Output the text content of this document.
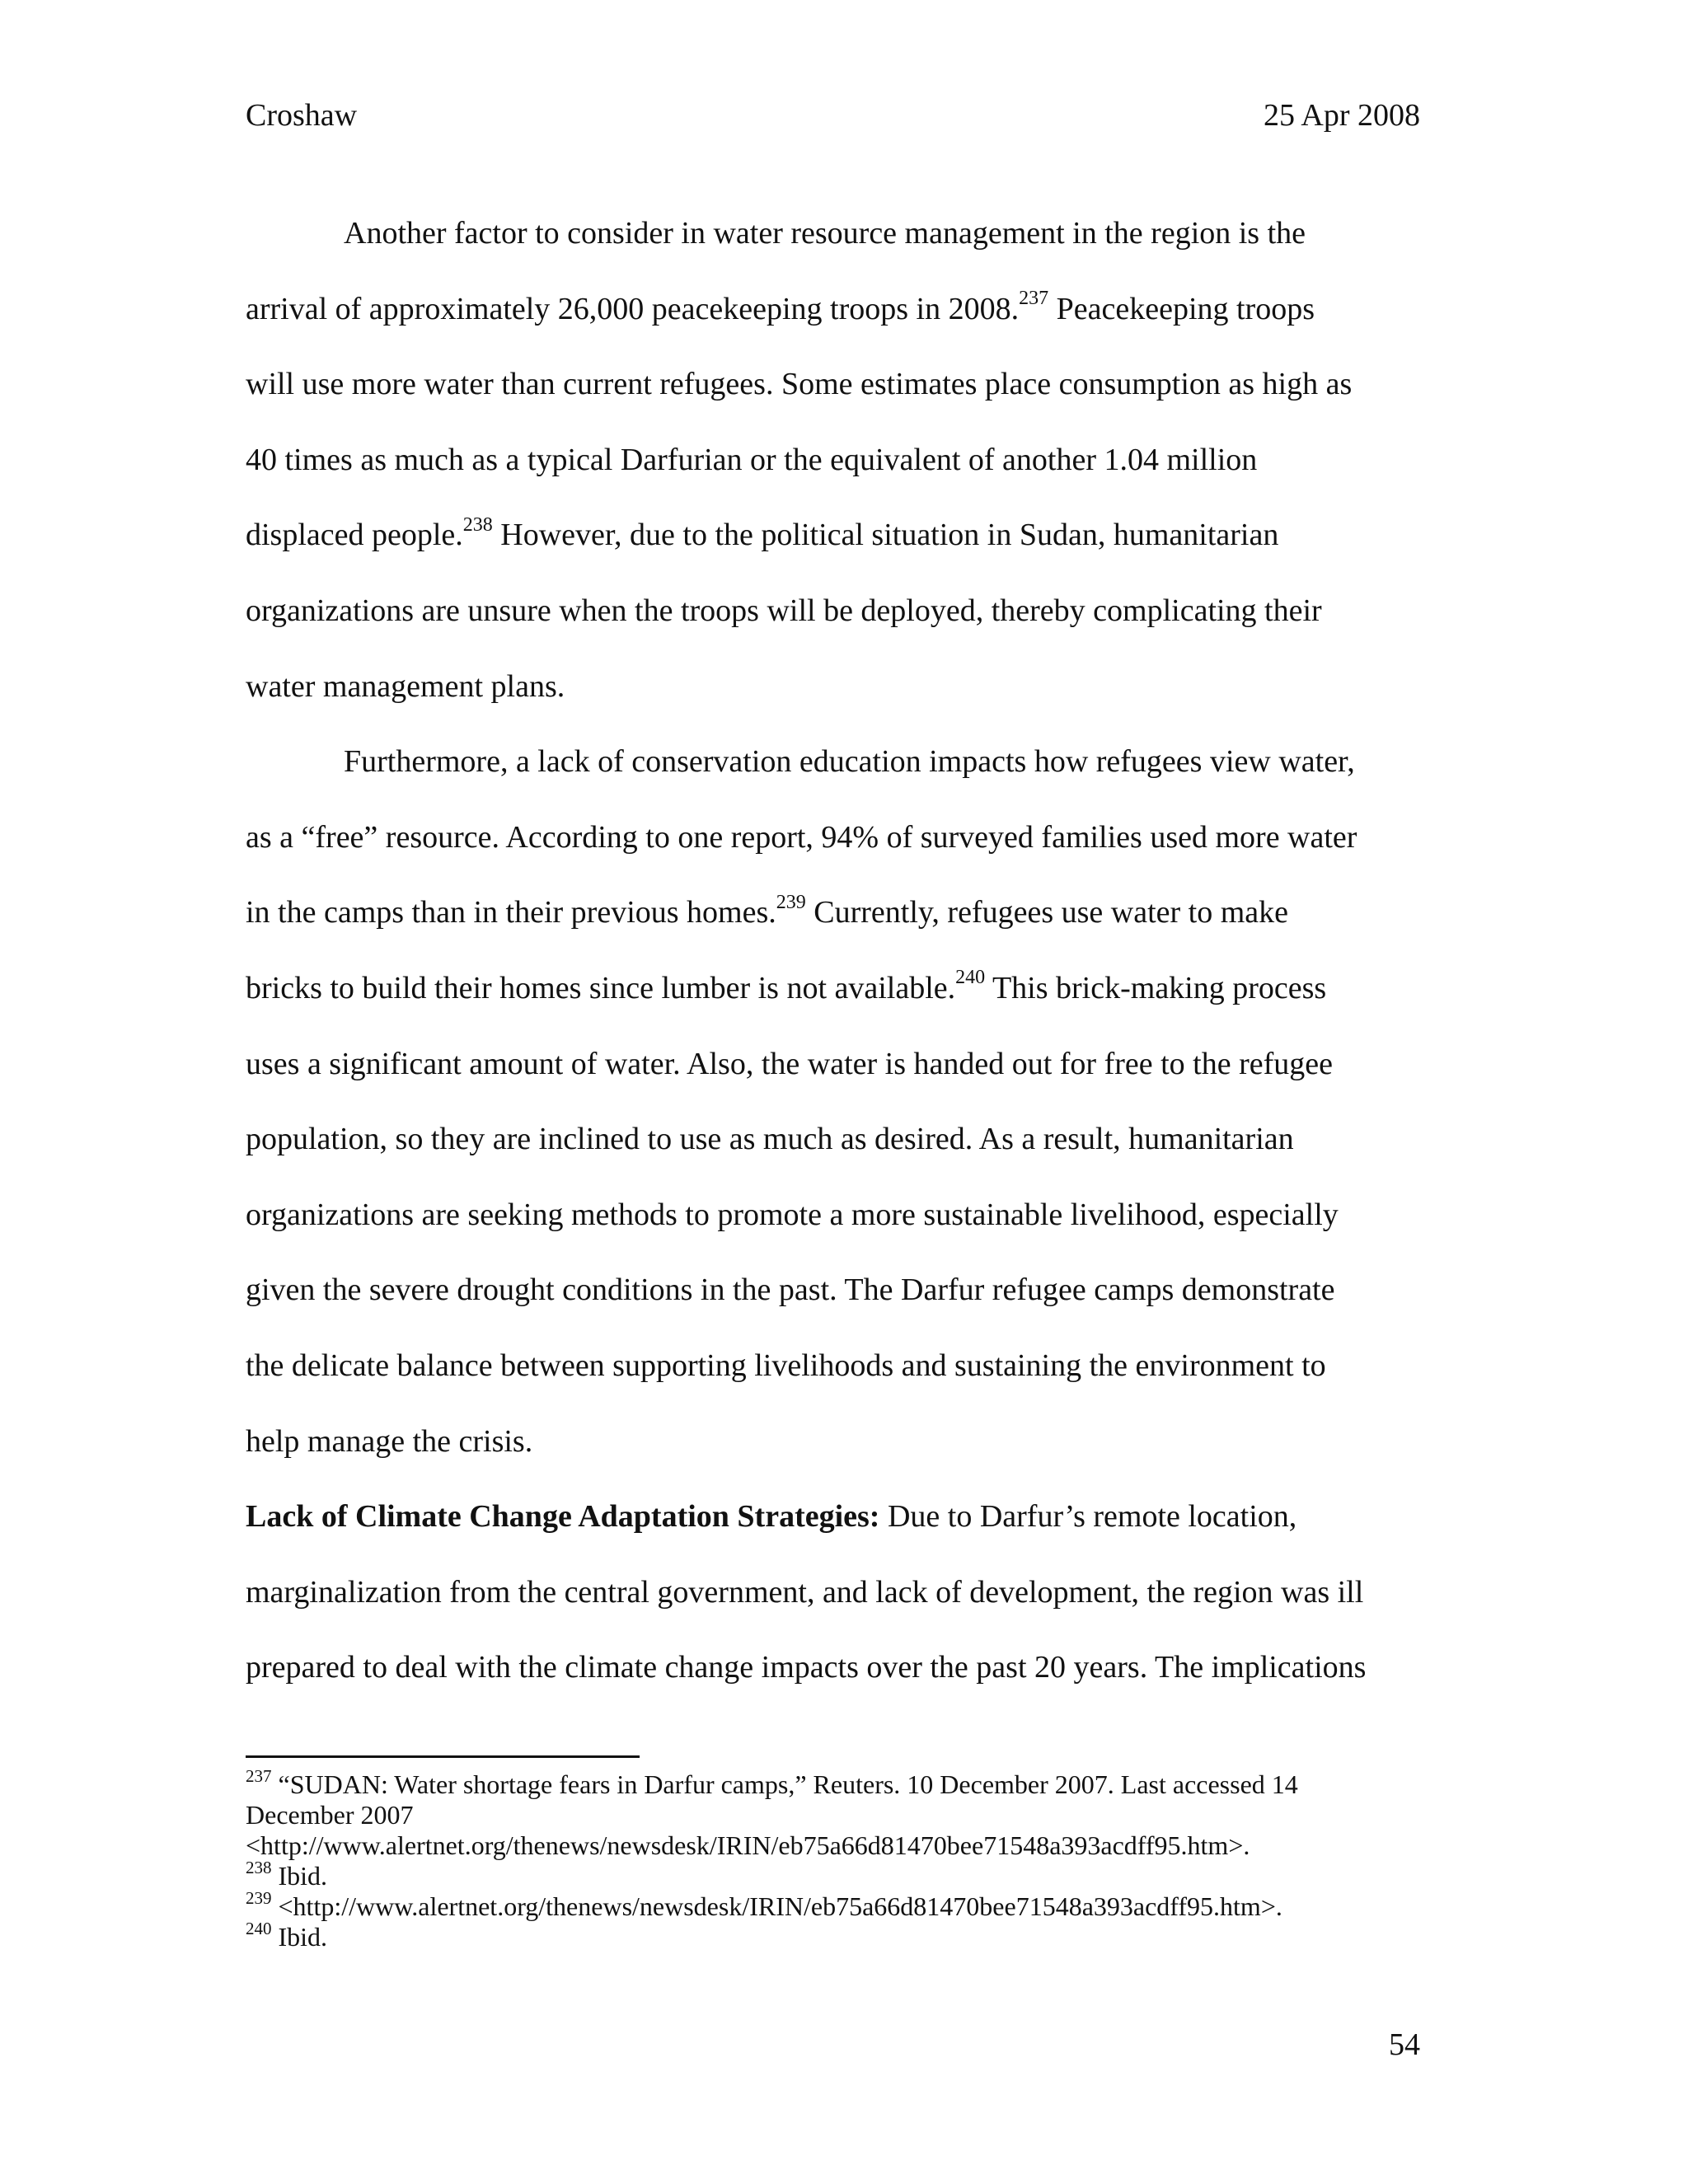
Croshaw	25 Apr 2008
Another factor to consider in water resource management in the region is the
arrival of approximately 26,000 peacekeeping troops in 2008.$^{237}$ Peacekeeping troops
will use more water than current refugees. Some estimates place consumption as high as
40 times as much as a typical Darfurian or the equivalent of another 1.04 million
displaced people.$^{238}$ However, due to the political situation in Sudan, humanitarian
organizations are unsure when the troops will be deployed, thereby complicating their
water management plans.
Furthermore, a lack of conservation education impacts how refugees view water,
as a “free” resource. According to one report, 94% of surveyed families used more water
in the camps than in their previous homes.$^{239}$ Currently, refugees use water to make
bricks to build their homes since lumber is not available.$^{240}$ This brick-making process
uses a significant amount of water. Also, the water is handed out for free to the refugee
population, so they are inclined to use as much as desired. As a result, humanitarian
organizations are seeking methods to promote a more sustainable livelihood, especially
given the severe drought conditions in the past. The Darfur refugee camps demonstrate
the delicate balance between supporting livelihoods and sustaining the environment to
help manage the crisis.
Lack of Climate Change Adaptation Strategies: Due to Darfur’s remote location,
marginalization from the central government, and lack of development, the region was ill
prepared to deal with the climate change impacts over the past 20 years. The implications
$^{237}$ “SUDAN: Water shortage fears in Darfur camps,” Reuters. 10 December 2007. Last accessed 14
December 2007
<http://www.alertnet.org/thenews/newsdesk/IRIN/eb75a66d81470bee71548a393acdff95.htm>.
$^{238}$ Ibid.
$^{239}$ <http://www.alertnet.org/thenews/newsdesk/IRIN/eb75a66d81470bee71548a393acdff95.htm>.
$^{240}$ Ibid.
54
